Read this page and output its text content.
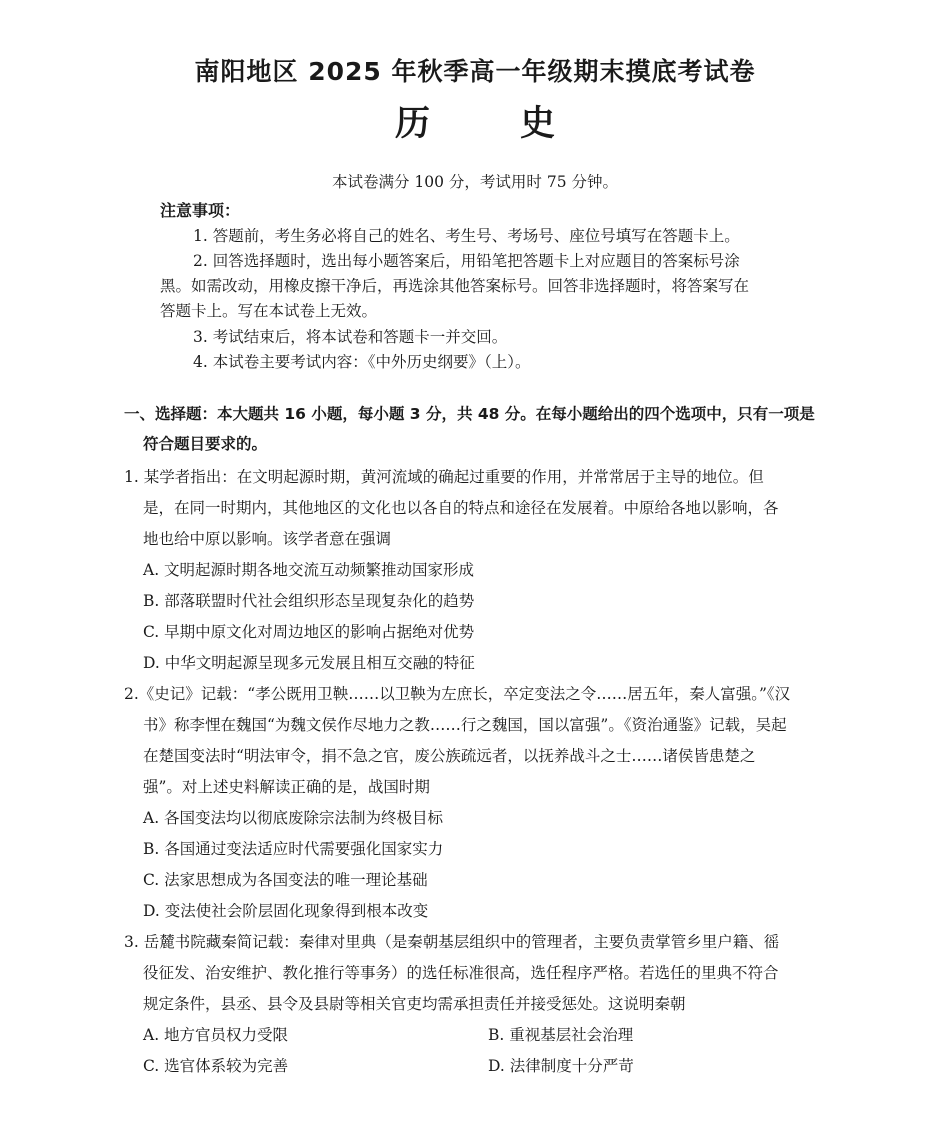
南阳地区 2025 年秋季高一年级期末摸底考试卷
历	史
本试卷满分 100 分，考试用时 75 分钟。
注意事项：
1. 答题前，考生务必将自己的姓名、考生号、考场号、座位号填写在答题卡上。
2. 回答选择题时，选出每小题答案后，用铅笔把答题卡上对应题目的答案标号涂
黑。如需改动，用橡皮擦干净后，再选涂其他答案标号。回答非选择题时，将答案写在
答题卡上。写在本试卷上无效。
3. 考试结束后，将本试卷和答题卡一并交回。
4. 本试卷主要考试内容：《中外历史纲要》（上）。
一、选择题：本大题共 16 小题，每小题 3 分，共 48 分。在每小题给出的四个选项中，只有一项是
符合题目要求的。
1. 某学者指出：在文明起源时期，黄河流域的确起过重要的作用，并常常居于主导的地位。但
是，在同一时期内，其他地区的文化也以各自的特点和途径在发展着。中原给各地以影响，各
地也给中原以影响。该学者意在强调
A. 文明起源时期各地交流互动频繁推动国家形成
B. 部落联盟时代社会组织形态呈现复杂化的趋势
C. 早期中原文化对周边地区的影响占据绝对优势
D. 中华文明起源呈现多元发展且相互交融的特征
2.《史记》记载：“孝公既用卫鞅……以卫鞅为左庶长，卒定变法之令……居五年，秦人富强。”《汉
书》称李悝在魏国“为魏文侯作尽地力之教……行之魏国，国以富强”。《资治通鉴》记载，吴起
在楚国变法时“明法审令，捐不急之官，废公族疏远者，以抚养战斗之士……诸侯皆患楚之
强”。对上述史料解读正确的是，战国时期
A. 各国变法均以彻底废除宗法制为终极目标
B. 各国通过变法适应时代需要强化国家实力
C. 法家思想成为各国变法的唯一理论基础
D. 变法使社会阶层固化现象得到根本改变
3. 岳麓书院藏秦简记载：秦律对里典（是秦朝基层组织中的管理者，主要负责掌管乡里户籍、徭
役征发、治安维护、教化推行等事务）的选任标准很高，选任程序严格。若选任的里典不符合
规定条件，县丞、县令及县尉等相关官吏均需承担责任并接受惩处。这说明秦朝
A. 地方官员权力受限	B. 重视基层社会治理
C. 选官体系较为完善	D. 法律制度十分严苛
